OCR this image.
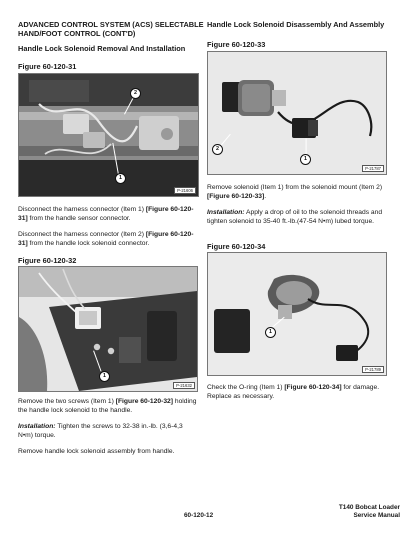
ADVANCED CONTROL SYSTEM (ACS) SELECTABLE
HAND/FOOT CONTROL (CONT'D)
Handle Lock Solenoid Removal And Installation
Figure 60-120-31
2
1
P-21606
Disconnect the harness connector (Item 1) [Figure 60-120-31] from the handle sensor connector.
Disconnect the harness connector (Item 2) [Figure 60-120-31] from the handle lock solenoid connector.
Figure 60-120-32
1
P-21632
Remove the two screws (Item 1) [Figure 60-120-32] holding the handle lock solenoid to the handle.
Installation: Tighten the screws to 32-38 in.-lb. (3,6-4,3 N•m) torque.
Remove handle lock solenoid assembly from handle.
Handle Lock Solenoid Disassembly And Assembly
Figure 60-120-33
2
1
P-21787
Remove solenoid (Item 1) from the solenoid mount (Item 2) [Figure 60-120-33].
Installation: Apply a drop of oil to the solenoid threads and tighten solenoid to 35-40 ft.-lb.(47-54 N•m) lubed torque.
Figure 60-120-34
1
P-21789
Check the O-ring (Item 1) [Figure 60-120-34] for damage. Replace as necessary.
60-120-12
T140 Bobcat Loader
Service Manual
